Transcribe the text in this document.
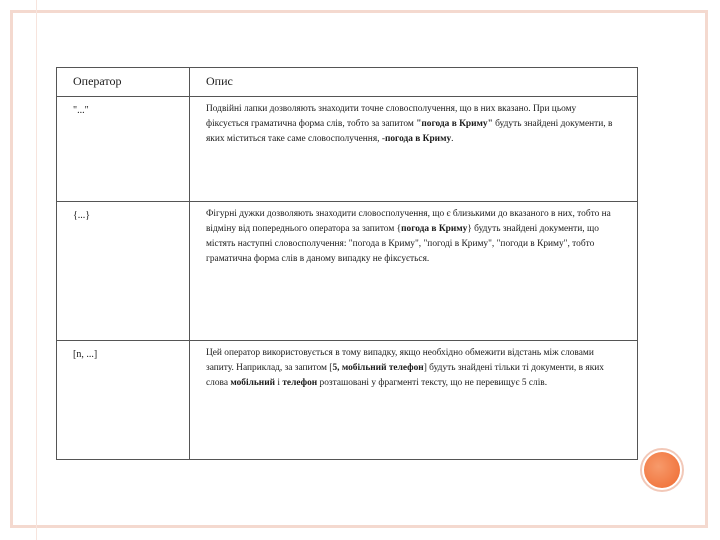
Оператор	Опис
"..."	Подвійні лапки дозволяють знаходити точне словосполучення, що в них вказано. При цьому фіксується граматична форма слів, тобто за запитом "погода в Криму" будуть знайдені документи, в яких міститься таке саме словосполучення, -погода в Криму.
{...}	Фігурні дужки дозволяють знаходити словосполучення, що є близькими до вказаного в них, тобто на відміну від попереднього оператора за запитом {погода в Криму} будуть знайдені документи, що містять наступні словосполучення: "погода в Криму", "погоді в Криму", "погоди в Криму", тобто граматична форма слів в даному випадку не фіксується.
[n, ...]	Цей оператор використовується в тому випадку, якщо необхідно обмежити відстань між словами запиту. Наприклад, за запитом [5, мобільний телефон] будуть знайдені тільки ті документи, в яких слова мобільний і телефон розташовані у фрагменті тексту, що не перевищує 5 слів.
